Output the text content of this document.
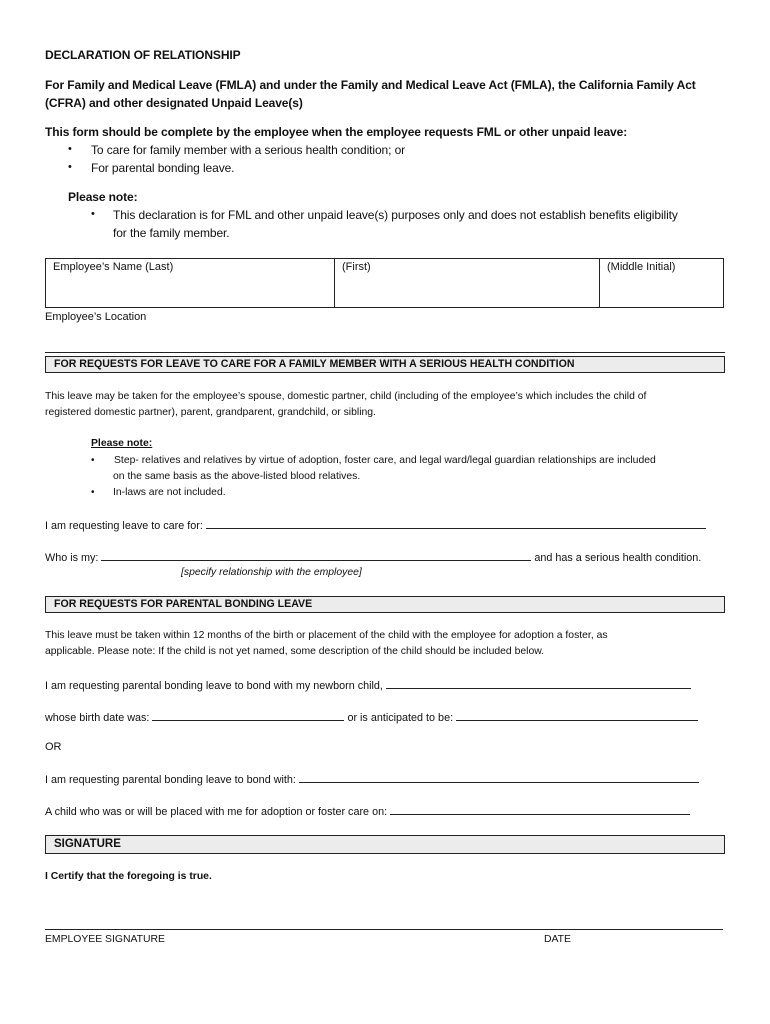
DECLARATION OF RELATIONSHIP
For Family and Medical Leave (FMLA) and under the Family and Medical Leave Act (FMLA), the California Family Act
(CFRA) and other designated Unpaid Leave(s)
This form should be complete by the employee when the employee requests FML or other unpaid leave:
• To care for family member with a serious health condition; or
• For parental bonding leave.
Please note:
• This declaration is for FML and other unpaid leave(s) purposes only and does not establish benefits eligibility
for the family member.
Employee’s Name (Last)	(First)	(Middle Initial)
Employee’s Location
FOR REQUESTS FOR LEAVE TO CARE FOR A FAMILY MEMBER WITH A SERIOUS HEALTH CONDITION
This leave may be taken for the employee’s spouse, domestic partner, child (including of the employee’s which includes the child of
registered domestic partner), parent, grandparent, grandchild, or sibling.
Please note:
• Step- relatives and relatives by virtue of adoption, foster care, and legal ward/legal guardian relationships are included
on the same basis as the above-listed blood relatives.
• In-laws are not included.
I am requesting leave to care for:
Who is my:	and has a serious health condition.
[specify relationship with the employee]
FOR REQUESTS FOR PARENTAL BONDING LEAVE
This leave must be taken within 12 months of the birth or placement of the child with the employee for adoption a foster, as
applicable. Please note: If the child is not yet named, some description of the child should be included below.
I am requesting parental bonding leave to bond with my newborn child,
whose birth date was:	or is anticipated to be:
OR
I am requesting parental bonding leave to bond with:
A child who was or will be placed with me for adoption or foster care on:
SIGNATURE
I Certify that the foregoing is true.
EMPLOYEE SIGNATURE	DATE
